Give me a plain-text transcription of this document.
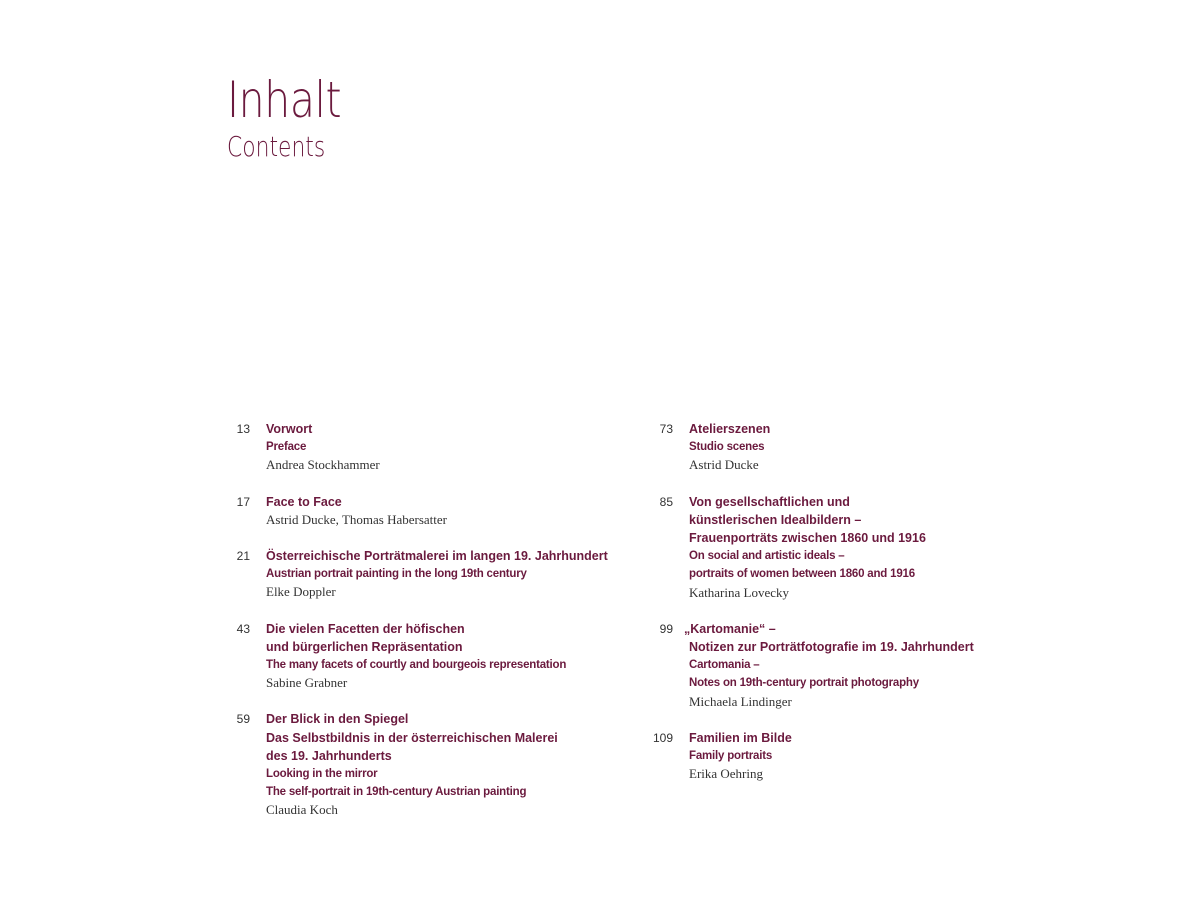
Inhalt
Contents
13 Vorwort
Preface
Andrea Stockhammer
17 Face to Face
Astrid Ducke, Thomas Habersatter
21 Österreichische Porträtmalerei im langen 19. Jahrhundert
Austrian portrait painting in the long 19th century
Elke Doppler
43 Die vielen Facetten der höfischen
und bürgerlichen Repräsentation
The many facets of courtly and bourgeois representation
Sabine Grabner
59 Der Blick in den Spiegel
Das Selbstbildnis in der österreichischen Malerei
des 19. Jahrhunderts
Looking in the mirror
The self-portrait in 19th-century Austrian painting
Claudia Koch
73 Atelierszenen
Studio scenes
Astrid Ducke
85 Von gesellschaftlichen und
künstlerischen Idealbildern –
Frauenporträts zwischen 1860 und 1916
On social and artistic ideals –
portraits of women between 1860 and 1916
Katharina Lovecky
99 „Kartomanie“ –
Notizen zur Porträtfotografie im 19. Jahrhundert
Cartomania –
Notes on 19th-century portrait photography
Michaela Lindinger
109 Familien im Bilde
Family portraits
Erika Oehring
